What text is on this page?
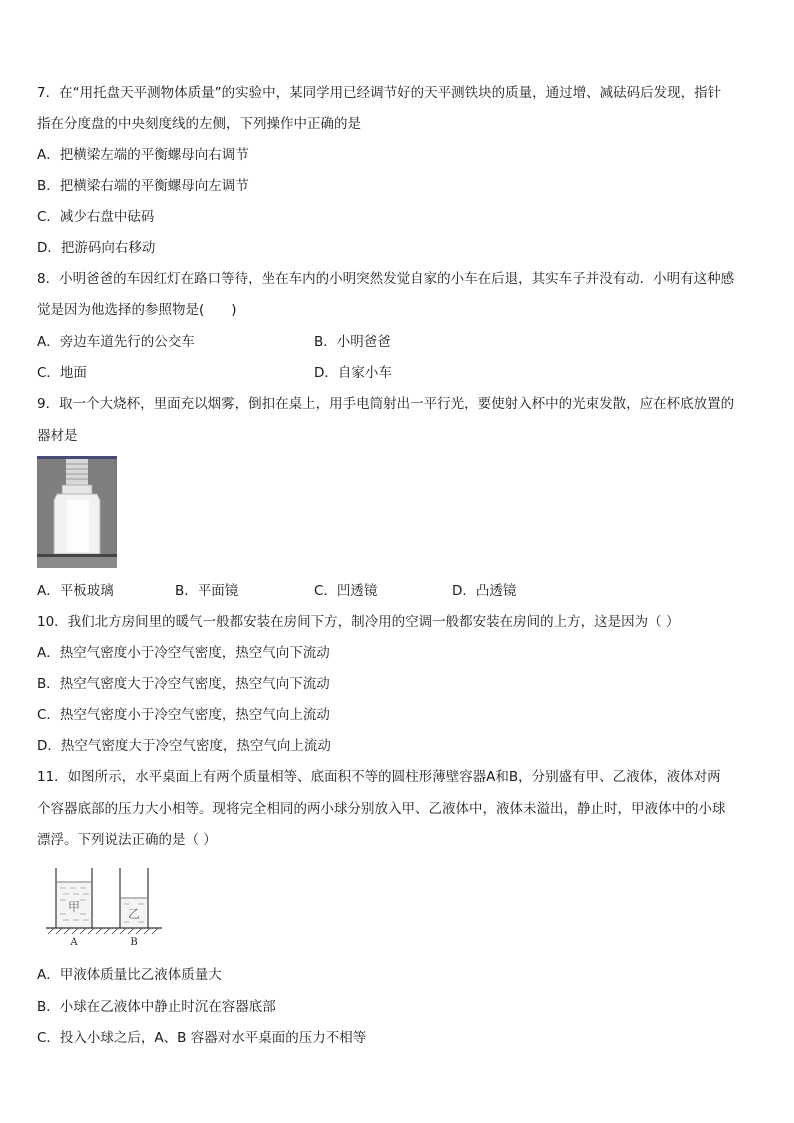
7．在“用托盘天平测物体质量”的实验中，某同学用已经调节好的天平测铁块的质量，通过增、减砝码后发现，指针
指在分度盘的中央刻度线的左侧，下列操作中正确的是
A．把横梁左端的平衡螺母向右调节
B．把横梁右端的平衡螺母向左调节
C．减少右盘中砝码
D．把游码向右移动
8．小明爸爸的车因红灯在路口等待，坐在车内的小明突然发觉自家的小车在后退，其实车子并没有动．小明有这种感
觉是因为他选择的参照物是(　　)
A．旁边车道先行的公交车	B．小明爸爸
C．地面	D．自家小车
9．取一个大烧杯，里面充以烟雾，倒扣在桌上，用手电筒射出一平行光，要使射入杯中的光束发散，应在杯底放置的
器材是
A．平板玻璃	B．平面镜	C．凹透镜	D．凸透镜
10．我们北方房间里的暖气一般都安装在房间下方，制冷用的空调一般都安装在房间的上方，这是因为（ ）
A．热空气密度小于冷空气密度，热空气向下流动
B．热空气密度大于冷空气密度，热空气向下流动
C．热空气密度小于冷空气密度，热空气向上流动
D．热空气密度大于冷空气密度，热空气向上流动
11．如图所示，水平桌面上有两个质量相等、底面积不等的圆柱形薄壁容器A和B，分别盛有甲、乙液体，液体对两
个容器底部的压力大小相等。现将完全相同的两小球分别放入甲、乙液体中，液体未溢出，静止时，甲液体中的小球
漂浮。下列说法正确的是（ ）
甲	乙
A	B
A．甲液体质量比乙液体质量大
B．小球在乙液体中静止时沉在容器底部
C．投入小球之后，A、B 容器对水平桌面的压力不相等
